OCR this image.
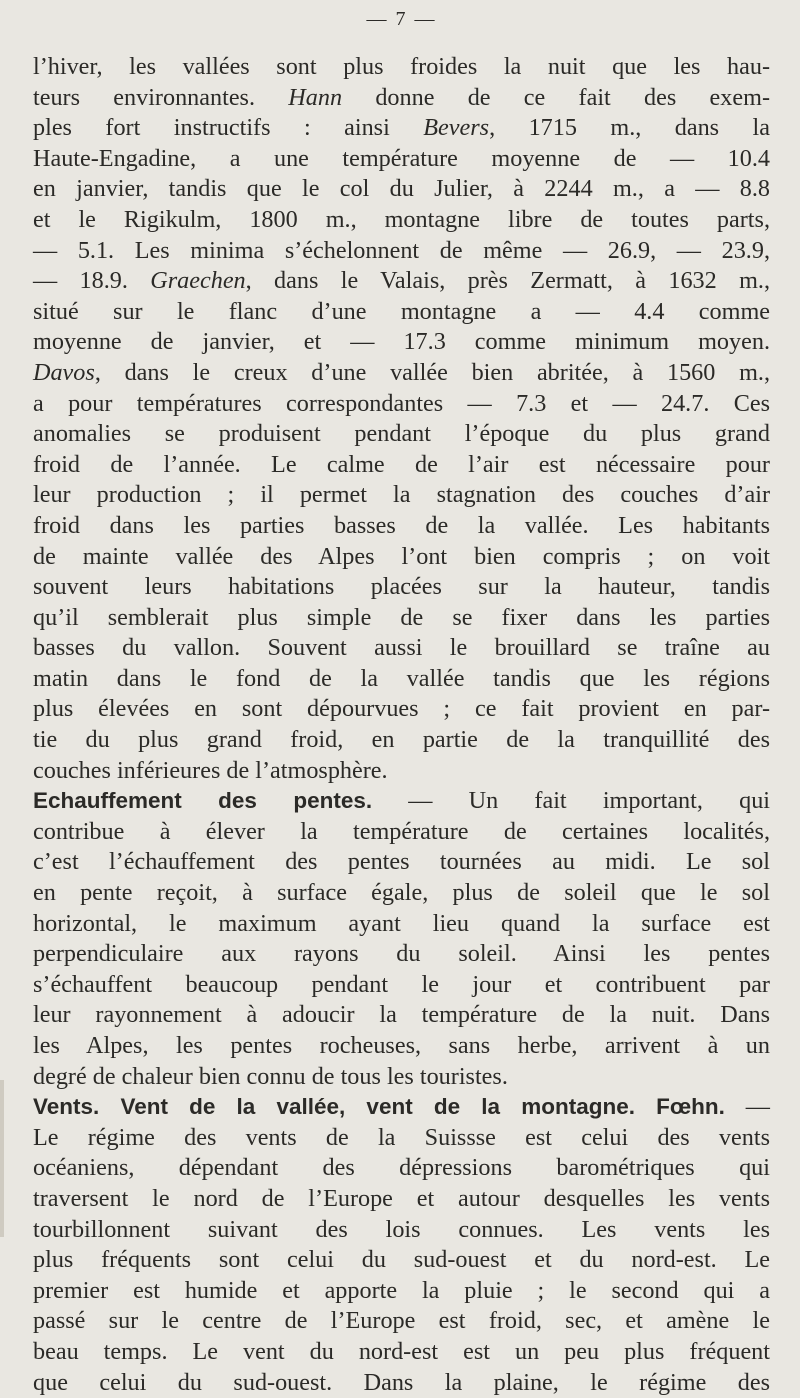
— 7 —
l’hiver, les vallées sont plus froides la nuit que les hau-
teurs environnantes. Hann donne de ce fait des exem-
ples fort instructifs : ainsi Bevers, 1715 m., dans la
Haute-Engadine, a une température moyenne de — 10.4
en janvier, tandis que le col du Julier, à 2244 m., a — 8.8
et le Rigikulm, 1800 m., montagne libre de toutes parts,
— 5.1. Les minima s’échelonnent de même — 26.9, — 23.9,
— 18.9. Graechen, dans le Valais, près Zermatt, à 1632 m.,
situé sur le flanc d’une montagne a — 4.4 comme
moyenne de janvier, et — 17.3 comme minimum moyen.
Davos, dans le creux d’une vallée bien abritée, à 1560 m.,
a pour températures correspondantes — 7.3 et — 24.7. Ces
anomalies se produisent pendant l’époque du plus grand
froid de l’année. Le calme de l’air est nécessaire pour
leur production ; il permet la stagnation des couches d’air
froid dans les parties basses de la vallée. Les habitants
de mainte vallée des Alpes l’ont bien compris ; on voit
souvent leurs habitations placées sur la hauteur, tandis
qu’il semblerait plus simple de se fixer dans les parties
basses du vallon. Souvent aussi le brouillard se traîne au
matin dans le fond de la vallée tandis que les régions
plus élevées en sont dépourvues ; ce fait provient en par-
tie du plus grand froid, en partie de la tranquillité des
couches inférieures de l’atmosphère.
Echauffement des pentes. — Un fait important, qui
contribue à élever la température de certaines localités,
c’est l’échauffement des pentes tournées au midi. Le sol
en pente reçoit, à surface égale, plus de soleil que le sol
horizontal, le maximum ayant lieu quand la surface est
perpendiculaire aux rayons du soleil. Ainsi les pentes
s’échauffent beaucoup pendant le jour et contribuent par
leur rayonnement à adoucir la température de la nuit. Dans
les Alpes, les pentes rocheuses, sans herbe, arrivent à un
degré de chaleur bien connu de tous les touristes.
Vents. Vent de la vallée, vent de la montagne. Fœhn. —
Le régime des vents de la Suissse est celui des vents
océaniens, dépendant des dépressions barométriques qui
traversent le nord de l’Europe et autour desquelles les vents
tourbillonnent suivant des lois connues. Les vents les
plus fréquents sont celui du sud-ouest et du nord-est. Le
premier est humide et apporte la pluie ; le second qui a
passé sur le centre de l’Europe est froid, sec, et amène le
beau temps. Le vent du nord-est est un peu plus fréquent
que celui du sud-ouest. Dans la plaine, le régime des
